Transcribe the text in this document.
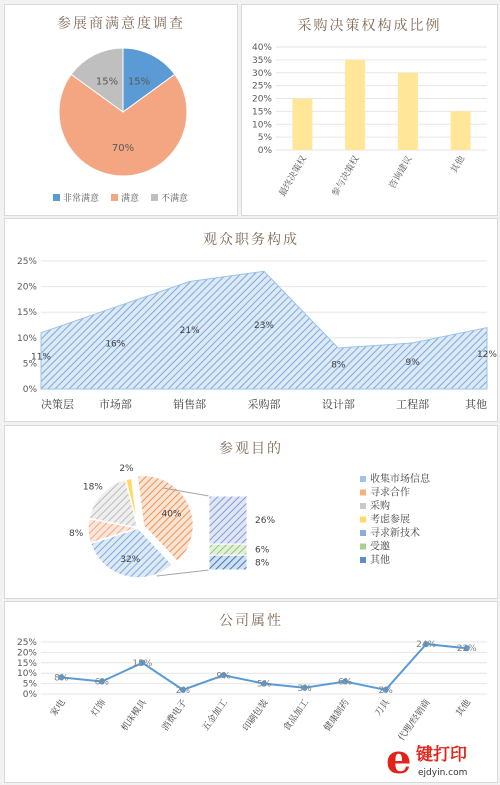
参展商满意度调查
15%
70%
15%
非常满意 满意 不满意
采购决策权构成比例
0%
5%
10%
15%
20%
25%
30%
35%
40%
最终决策权 参与决策权	咨询建议	其他
观众职务构成
0%
5%
10%
15%
20%
25%
11%
决策层
16%
市场部
21%
销售部
23%
采购部
8%
设计部
9%
工程部
12%
其他
参观目的
18%
2%
40%
32%
8%
26%
6%
8%
收集市场信息
寻求合作
采购
考虑参展
寻求新技术
受邀
其他
公司属性
0%
5%
10%
15%
20%
25%
8%
家电
6%
灯饰
15%
机床模具
2%
消费电子
9%
五金加工
5%
印刷包装
3%
食品加工
6%
健康制药
2%
刀具
24%
代理/经销商
22%
其他
e 键打印
ejdyin.com
